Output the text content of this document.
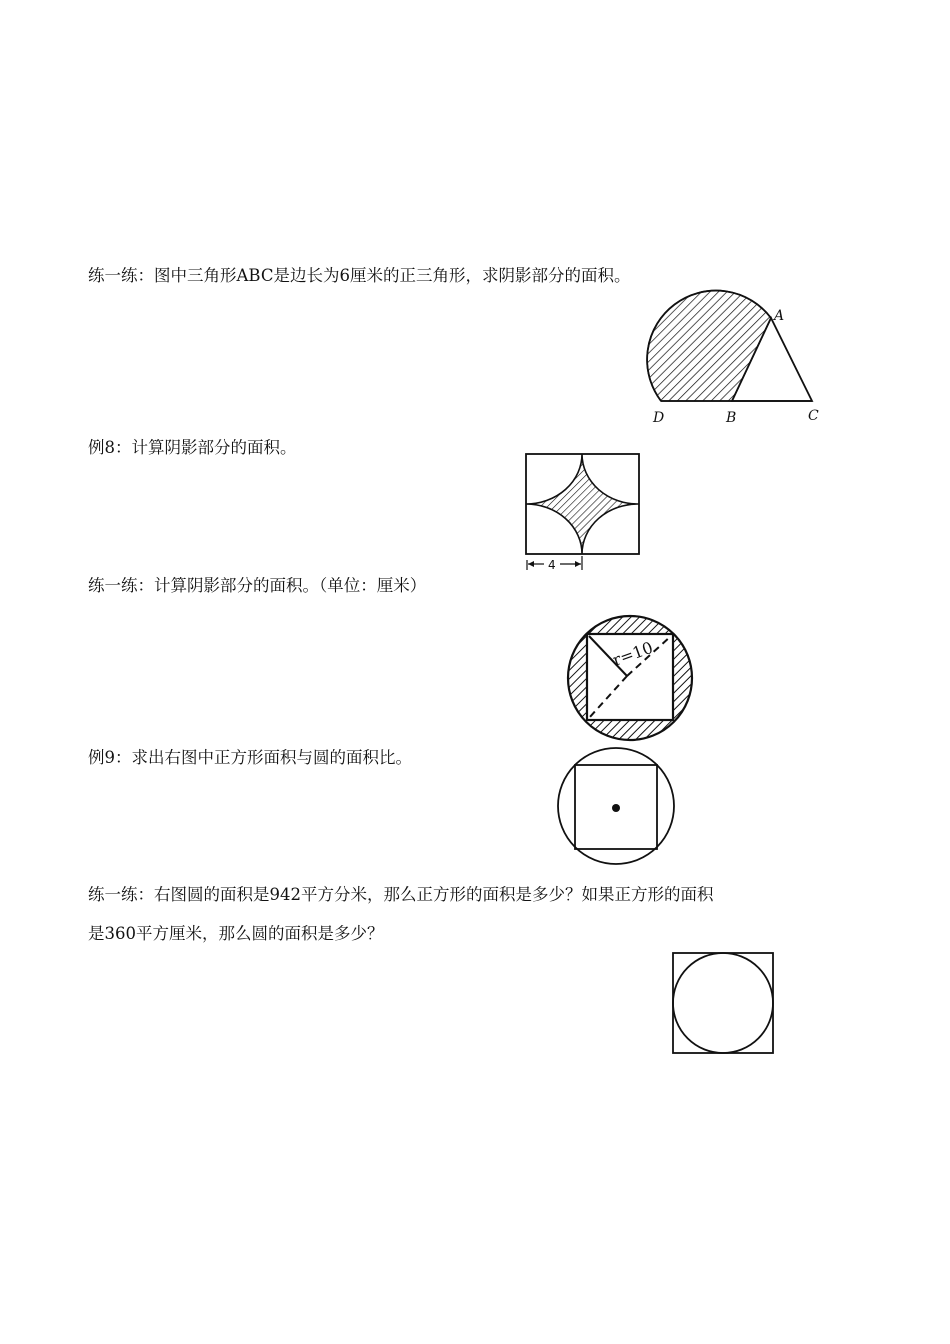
练一练：图中三角形ABC是边长为6厘米的正三角形，求阴影部分的面积。
A
D	B	C
例8：计算阴影部分的面积。
4
练一练：计算阴影部分的面积。（单位：厘米）
r=10
例9：求出右图中正方形面积与圆的面积比。
练一练：右图圆的面积是942平方分米，那么正方形的面积是多少？如果正方形的面积
是360平方厘米，那么圆的面积是多少？
